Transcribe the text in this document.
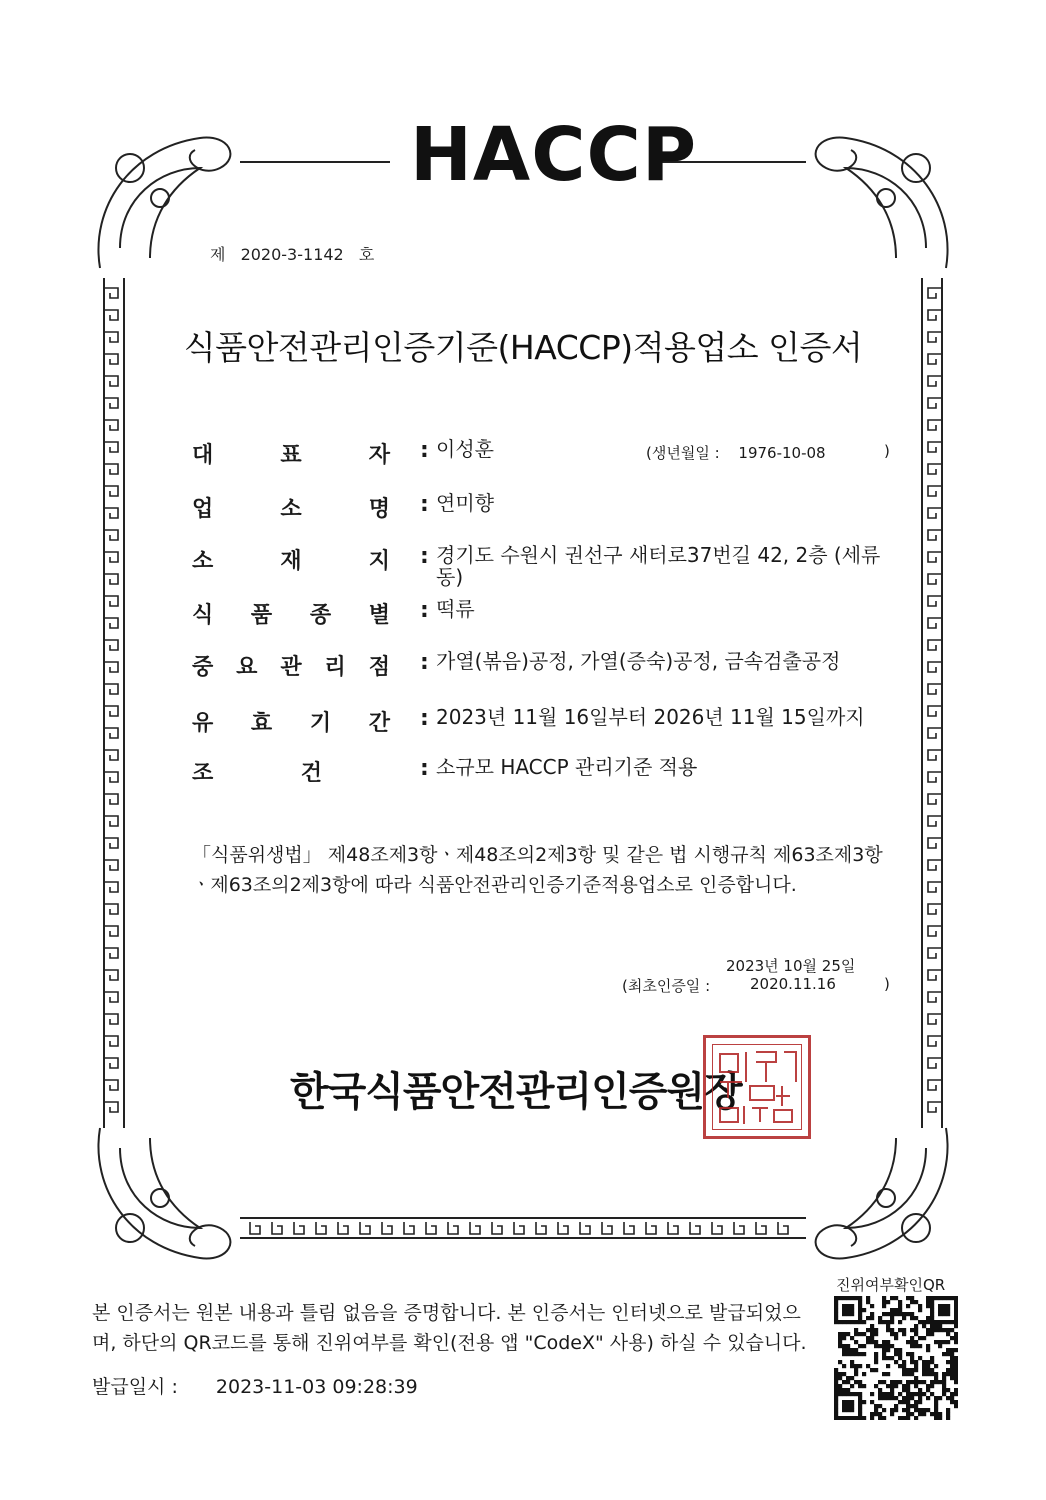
HACCP
제 2020-3-1142 호
식품안전관리인증기준(HACCP)적용업소 인증서
대	표	자 : 이성훈
업	소	명 : 연미향
소	재	지 : 경기도 수원시 권선구 새터로37번길 42, 2층 (세류동)
식 품 종 별 : 떡류
중 요 관 리 점 : 가열(볶음)공정, 가열(증숙)공정, 금속검출공정
유 효 기 간 : 2023년 11월 16일부터 2026년 11월 15일까지
조	건	: 소규모 HACCP 관리기준 적용
(생년월일 : 1976-10-08	)
「식품위생법」 제48조제3항ㆍ제48조의2제3항 및 같은 법 시행규칙 제63조제3항ㆍ제63조의2제3항에 따라 식품안전관리인증기준적용업소로 인증합니다.
2023년 10월 25일
(최초인증일 :	2020.11.16	)
한국식품안전관리인증원장
본 인증서는 원본 내용과 틀림 없음을 증명합니다. 본 인증서는 인터넷으로 발급되었으며, 하단의 QR코드를 통해 진위여부를 확인(전용 앱 "CodeX" 사용) 하실 수 있습니다.
발급일시 : 2023-11-03 09:28:39
진위여부확인QR
